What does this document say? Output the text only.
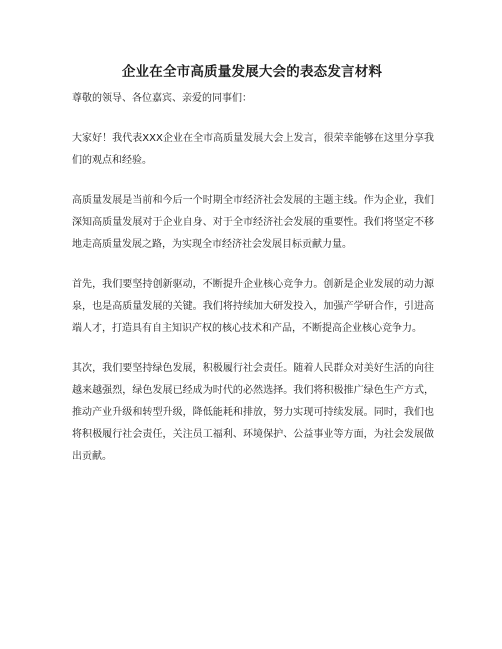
企业在全市高质量发展大会的表态发言材料

尊敬的领导、各位嘉宾、亲爱的同事们：

大家好！我代表XXX企业在全市高质量发展大会上发言，很荣幸能够在这里分享我们的观点和经验。

高质量发展是当前和今后一个时期全市经济社会发展的主题主线。作为企业，我们深知高质量发展对于企业自身、对于全市经济社会发展的重要性。我们将坚定不移地走高质量发展之路，为实现全市经济社会发展目标贡献力量。

首先，我们要坚持创新驱动，不断提升企业核心竞争力。创新是企业发展的动力源泉，也是高质量发展的关键。我们将持续加大研发投入，加强产学研合作，引进高端人才，打造具有自主知识产权的核心技术和产品，不断提高企业核心竞争力。

其次，我们要坚持绿色发展，积极履行社会责任。随着人民群众对美好生活的向往越来越强烈，绿色发展已经成为时代的必然选择。我们将积极推广绿色生产方式，推动产业升级和转型升级，降低能耗和排放，努力实现可持续发展。同时，我们也将积极履行社会责任，关注员工福利、环境保护、公益事业等方面，为社会发展做出贡献。
